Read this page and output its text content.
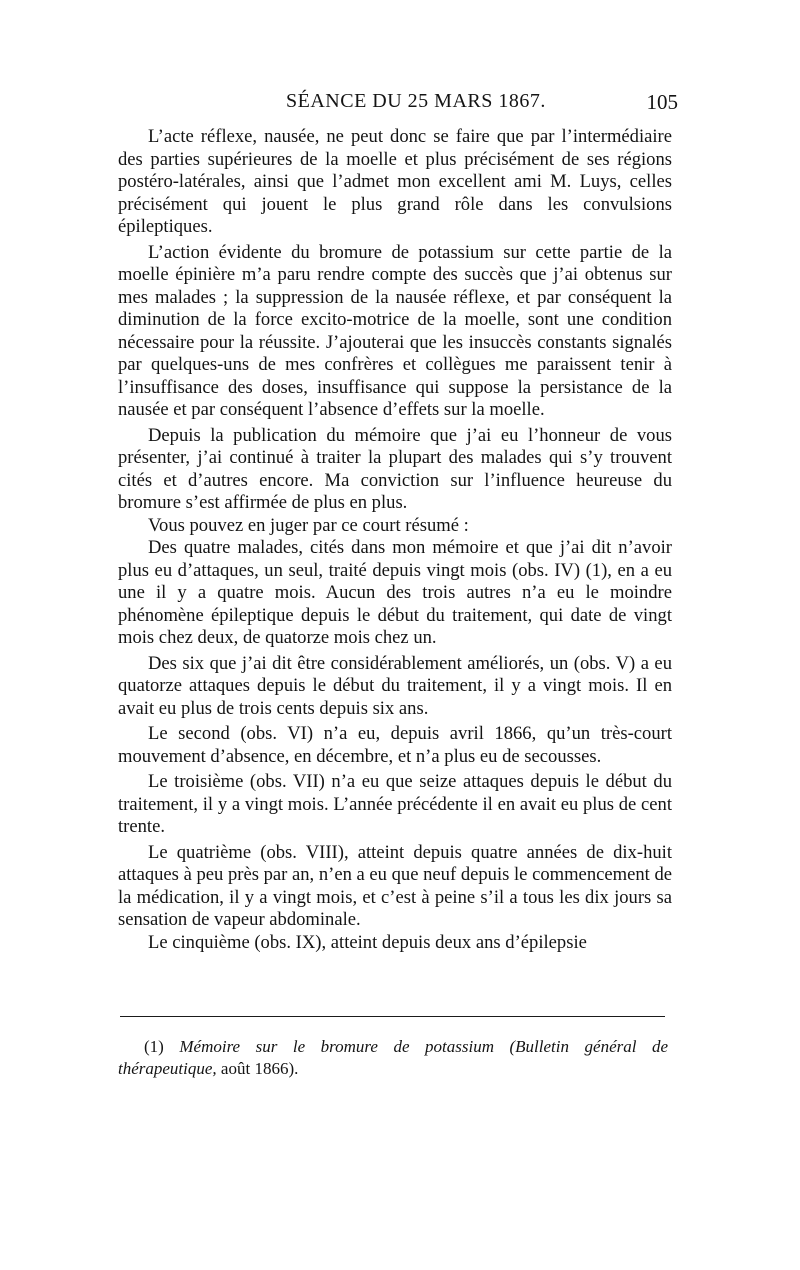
SÉANCE DU 25 MARS 1867.	105

L’acte réflexe, nausée, ne peut donc se faire que par l’intermédiaire des parties supérieures de la moelle et plus précisément de ses régions postéro-latérales, ainsi que l’admet mon excellent ami M. Luys, celles précisément qui jouent le plus grand rôle dans les convulsions épileptiques.

L’action évidente du bromure de potassium sur cette partie de la moelle épinière m’a paru rendre compte des succès que j’ai obtenus sur mes malades ; la suppression de la nausée réflexe, et par conséquent la diminution de la force excito-motrice de la moelle, sont une condition nécessaire pour la réussite. J’ajouterai que les insuccès constants signalés par quelques-uns de mes confrères et collègues me paraissent tenir à l’insuffisance des doses, insuffisance qui suppose la persistance de la nausée et par conséquent l’absence d’effets sur la moelle.

Depuis la publication du mémoire que j’ai eu l’honneur de vous présenter, j’ai continué à traiter la plupart des malades qui s’y trouvent cités et d’autres encore. Ma conviction sur l’influence heureuse du bromure s’est affirmée de plus en plus.

Vous pouvez en juger par ce court résumé :

Des quatre malades, cités dans mon mémoire et que j’ai dit n’avoir plus eu d’attaques, un seul, traité depuis vingt mois (obs. IV) (1), en a eu une il y a quatre mois. Aucun des trois autres n’a eu le moindre phénomène épileptique depuis le début du traitement, qui date de vingt mois chez deux, de quatorze mois chez un.

Des six que j’ai dit être considérablement améliorés, un (obs. V) a eu quatorze attaques depuis le début du traitement, il y a vingt mois. Il en avait eu plus de trois cents depuis six ans.

Le second (obs. VI) n’a eu, depuis avril 1866, qu’un très-court mouvement d’absence, en décembre, et n’a plus eu de secousses.

Le troisième (obs. VII) n’a eu que seize attaques depuis le début du traitement, il y a vingt mois. L’année précédente il en avait eu plus de cent trente.

Le quatrième (obs. VIII), atteint depuis quatre années de dix-huit attaques à peu près par an, n’en a eu que neuf depuis le commencement de la médication, il y a vingt mois, et c’est à peine s’il a tous les dix jours sa sensation de vapeur abdominale.

Le cinquième (obs. IX), atteint depuis deux ans d’épilepsie

(1) Mémoire sur le bromure de potassium (Bulletin général de thérapeutique, août 1866).
